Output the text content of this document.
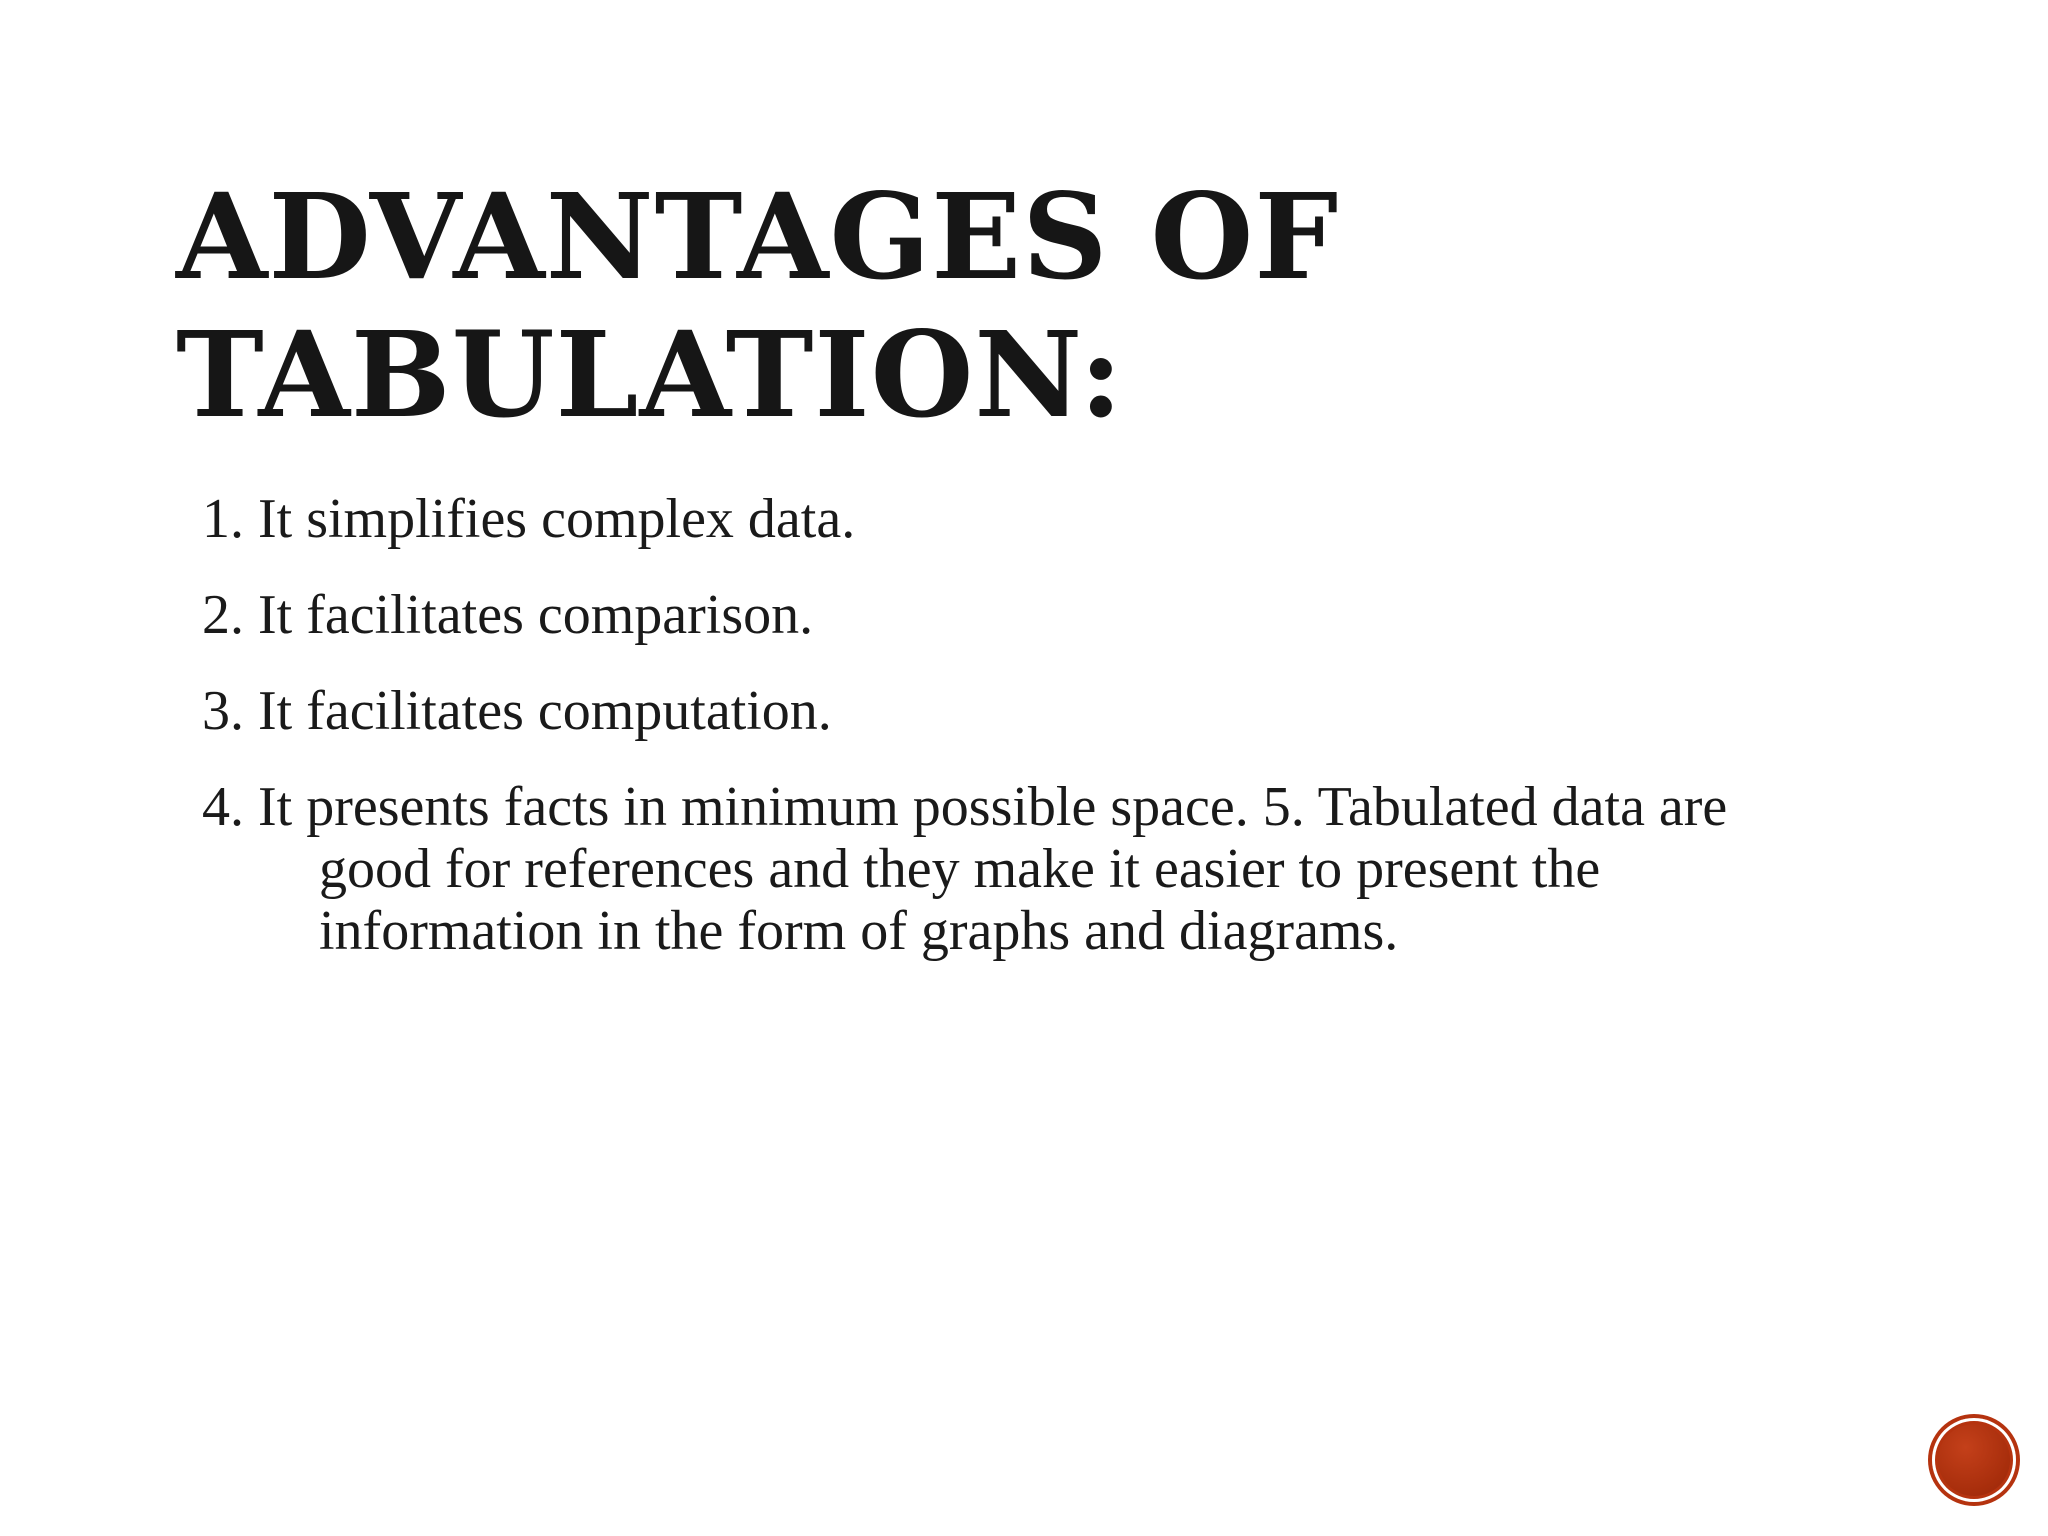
ADVANTAGES OF
TABULATION:
1. It simplifies complex data.
2. It facilitates comparison.
3. It facilitates computation.
4. It presents facts in minimum possible space. 5. Tabulated data are good for references and they make it easier to present the information in the form of graphs and diagrams.
